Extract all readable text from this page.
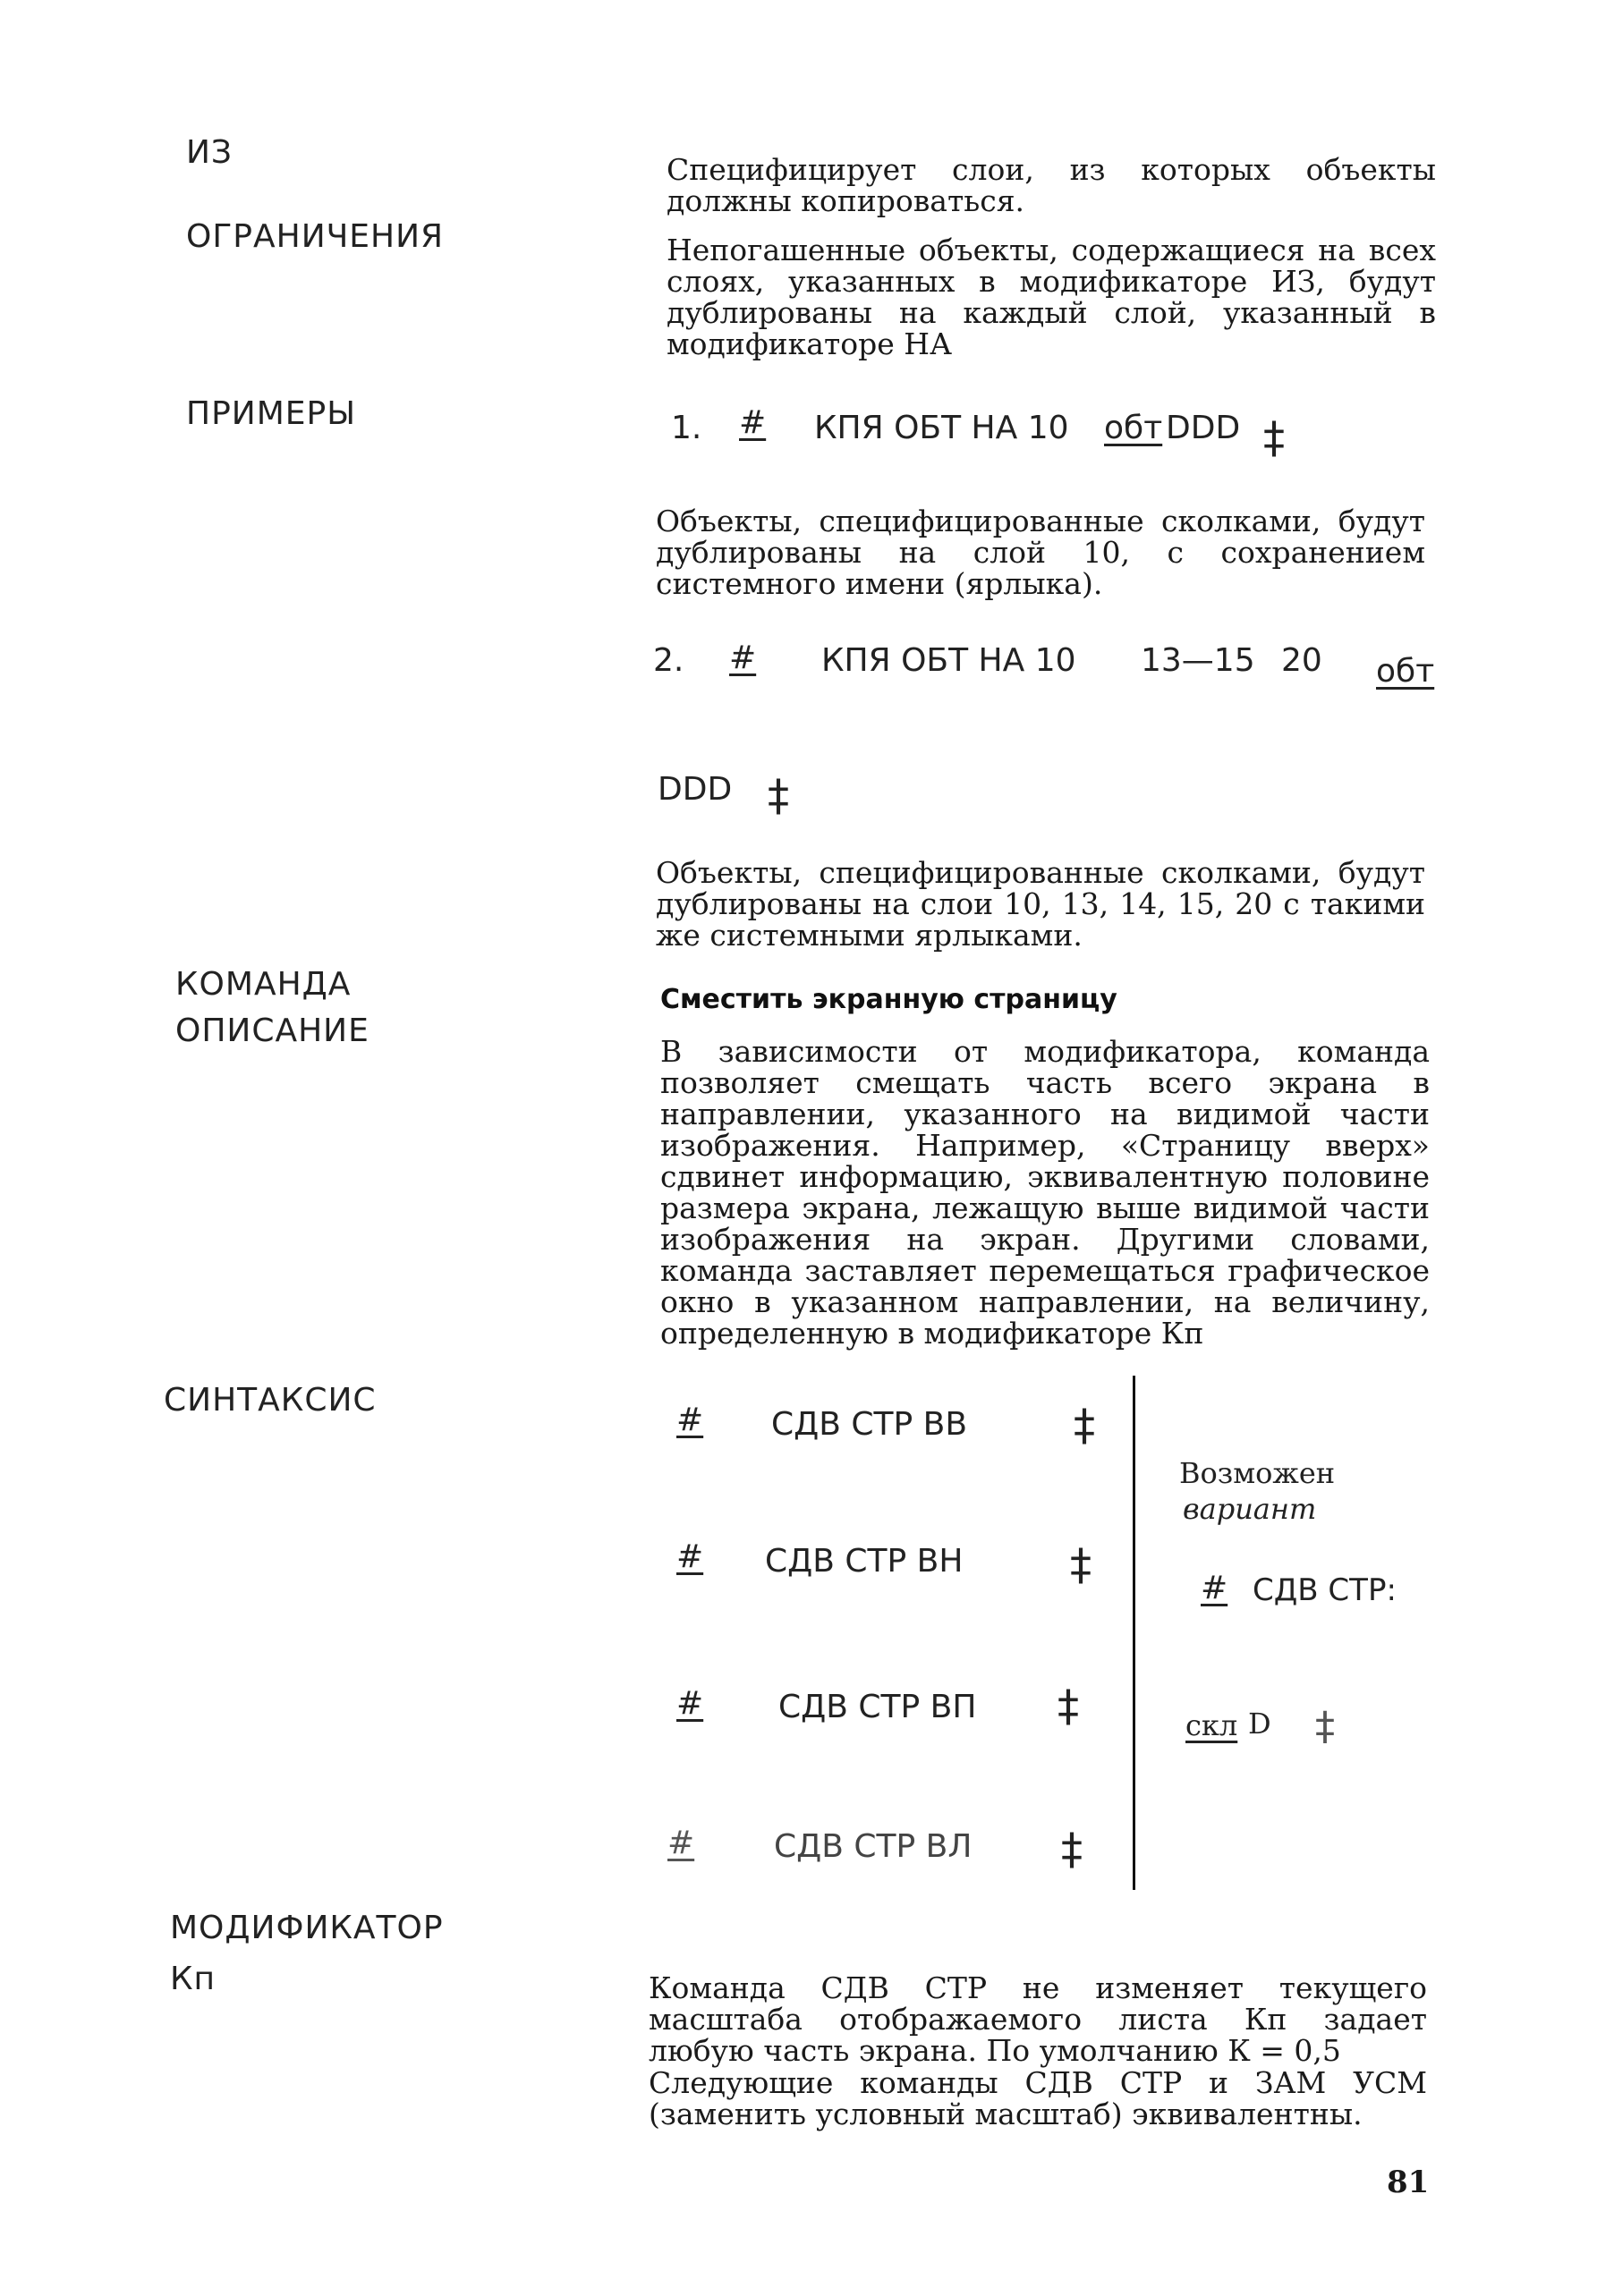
ИЗ
ОГРАНИЧЕНИЯ
ПРИМЕРЫ
КОМАНДА
ОПИСАНИЕ
СИНТАКСИС
МОДИФИКАТОР
Кп

Специфицирует слои, из которых объекты должны копироваться.

Непогашенные объекты, содержащиеся на всех слоях, указанных в модификаторе ИЗ, будут дублированы на каждый слой, указанный в модификаторе НА

1. # КПЯ ОБТ НА 10 обт DDD ‡

Объекты, специфицированные сколками, будут дублированы на слой 10, с сохранением системного имени (ярлыка).

2. # КПЯ ОБТ НА 10 13—15 20 обт
DDD ‡

Объекты, специфицированные сколками, будут дублированы на слои 10, 13, 14, 15, 20 с такими же системными ярлыками.

Сместить экранную страницу

В зависимости от модификатора, команда позволяет смещать часть всего экрана в направлении, указанного на видимой части изображения. Например, «Страницу вверх» сдвинет информацию, эквивалентную половине размера экрана, лежащую выше видимой части изображения на экран. Другими словами, команда заставляет перемещаться графическое окно в указанном направлении, на величину, определенную в модификаторе Кп

# СДВ СТР ВВ ‡
# СДВ СТР ВН ‡
# СДВ СТР ВП ‡
# СДВ СТР ВЛ ‡
Возможен
вариант
# СДВ СТР:
скл D ‡

Команда СДВ СТР не изменяет текущего масштаба отображаемого листа Кп задает любую часть экрана. По умолчанию К = 0,5

Следующие команды СДВ СТР и ЗАМ УСМ (заменить условный масштаб) эквивалентны.

81
